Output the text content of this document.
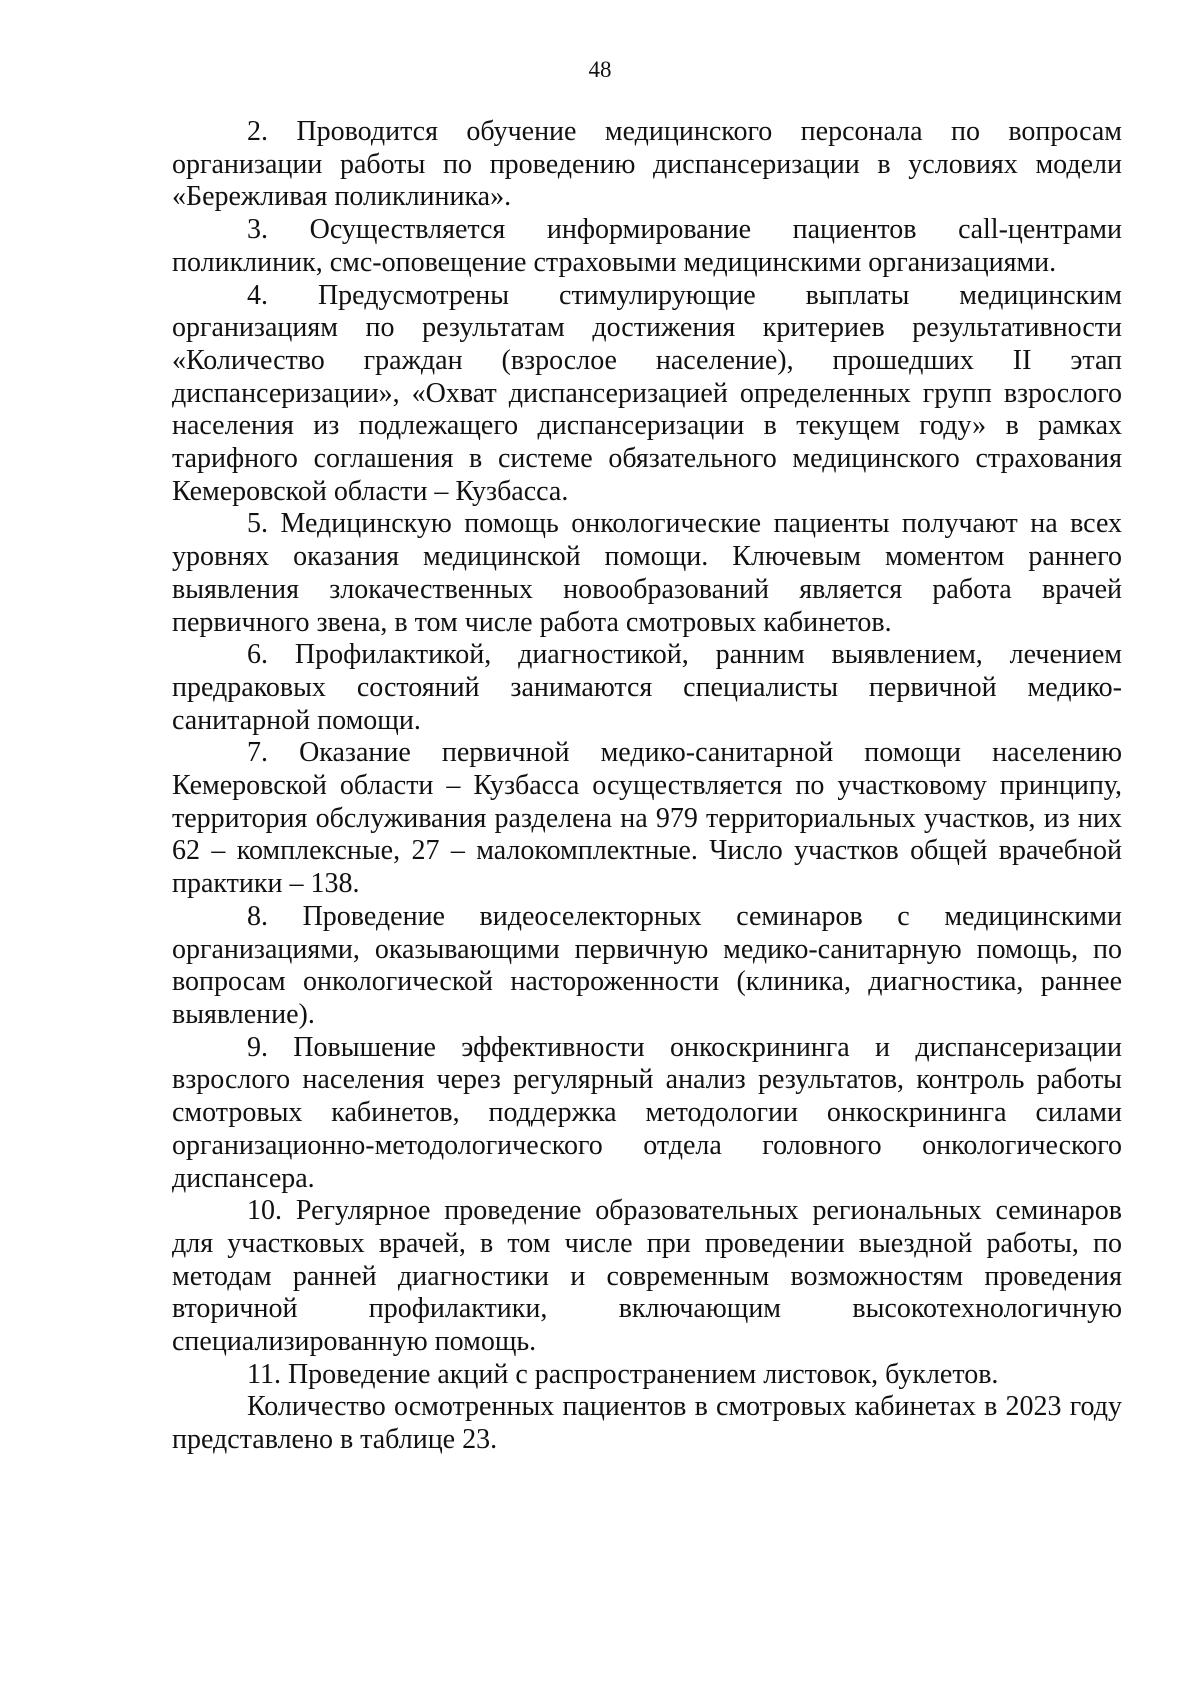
48

2. Проводится обучение медицинского персонала по вопросам организации работы по проведению диспансеризации в условиях модели «Бережливая поликлиника».

3. Осуществляется информирование пациентов call-центрами поликлиник, смс-оповещение страховыми медицинскими организациями.

4. Предусмотрены стимулирующие выплаты медицинским организациям по результатам достижения критериев результативности «Количество граждан (взрослое население), прошедших II этап диспансеризации», «Охват диспансеризацией определенных групп взрослого населения из подлежащего диспансеризации в текущем году» в рамках тарифного соглашения в системе обязательного медицинского страхования Кемеровской области – Кузбасса.

5. Медицинскую помощь онкологические пациенты получают на всех уровнях оказания медицинской помощи. Ключевым моментом раннего выявления злокачественных новообразований является работа врачей первичного звена, в том числе работа смотровых кабинетов.

6. Профилактикой, диагностикой, ранним выявлением, лечением предраковых состояний занимаются специалисты первичной медико-санитарной помощи.

7. Оказание первичной медико-санитарной помощи населению Кемеровской области – Кузбасса осуществляется по участковому принципу, территория обслуживания разделена на 979 территориальных участков, из них 62 – комплексные, 27 – малокомплектные. Число участков общей врачебной практики – 138.

8. Проведение видеоселекторных семинаров с медицинскими организациями, оказывающими первичную медико-санитарную помощь, по вопросам онкологической настороженности (клиника, диагностика, раннее выявление).

9. Повышение эффективности онкоскрининга и диспансеризации взрослого населения через регулярный анализ результатов, контроль работы смотровых кабинетов, поддержка методологии онкоскрининга силами организационно-методологического отдела головного онкологического диспансера.

10. Регулярное проведение образовательных региональных семинаров для участковых врачей, в том числе при проведении выездной работы, по методам ранней диагностики и современным возможностям проведения вторичной профилактики, включающим высокотехнологичную специализированную помощь.

11. Проведение акций с распространением листовок, буклетов.

Количество осмотренных пациентов в смотровых кабинетах в 2023 году представлено в таблице 23.
